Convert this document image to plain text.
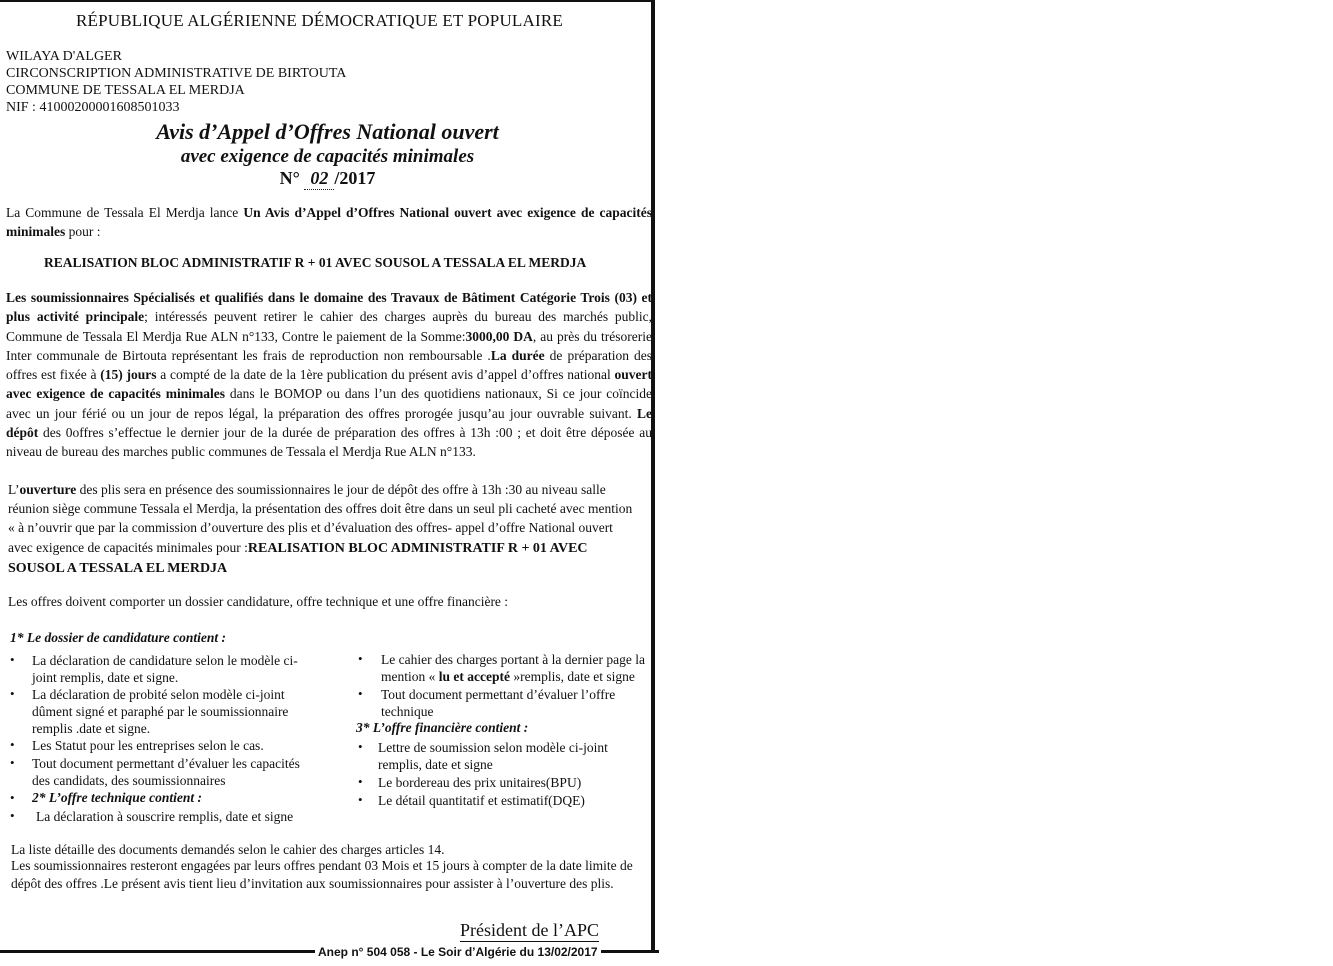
RÉPUBLIQUE ALGÉRIENNE DÉMOCRATIQUE ET POPULAIRE
WILAYA D'ALGER
CIRCONSCRIPTION ADMINISTRATIVE DE BIRTOUTA
COMMUNE DE TESSALA EL MERDJA
NIF : 41000200001608501033
Avis d’Appel d’Offres National ouvert
avec exigence de capacités minimales
N° 02 /2017
La Commune de Tessala El Merdja lance Un Avis d’Appel d’Offres National ouvert avec exigence de capacités minimales pour :
REALISATION BLOC ADMINISTRATIF R + 01 AVEC SOUSOL A TESSALA EL MERDJA
Les soumissionnaires Spécialisés et qualifiés dans le domaine des Travaux de Bâtiment Catégorie Trois (03) et plus activité principale; intéressés peuvent retirer le cahier des charges auprès du bureau des marchés public, Commune de Tessala El Merdja Rue ALN n°133, Contre le paiement de la Somme:3000,00 DA, au près du trésorerie Inter communale de Birtouta représentant les frais de reproduction non remboursable .La durée de préparation des offres est fixée à (15) jours a compté de la date de la 1ère publication du présent avis d’appel d’offres national ouvert avec exigence de capacités minimales dans le BOMOP ou dans l’un des quotidiens nationaux, Si ce jour coïncide avec un jour férié ou un jour de repos légal, la préparation des offres prorogée jusqu’au jour ouvrable suivant. Le dépôt des 0offres s’effectue le dernier jour de la durée de préparation des offres à 13h :00 ; et doit être déposée au niveau de bureau des marches public communes de Tessala el Merdja Rue ALN n°133.
L’ouverture des plis sera en présence des soumissionnaires le jour de dépôt des offre à 13h :30 au niveau salle
réunion siège commune Tessala el Merdja, la présentation des offres doit être dans un seul pli cacheté avec mention
« à n’ouvrir que par la commission d’ouverture des plis et d’évaluation des offres- appel d’offre National ouvert
avec exigence de capacités minimales pour :REALISATION BLOC ADMINISTRATIF R + 01 AVEC
SOUSOL A TESSALA EL MERDJA
Les offres doivent comporter un dossier candidature, offre technique et une offre financière :
1* Le dossier de candidature contient :
• La déclaration de candidature selon le modèle ci-
joint remplis, date et signe.
• La déclaration de probité selon modèle ci-joint
dûment signé et paraphé par le soumissionnaire
remplis .date et signe.
• Les Statut pour les entreprises selon le cas.
• Tout document permettant d’évaluer les capacités
des candidats, des soumissionnaires
• 2* L’offre technique contient :
• La déclaration à souscrire remplis, date et signe
• Le cahier des charges portant à la dernier page la
mention « lu et accepté »remplis, date et signe
• Tout document permettant d’évaluer l’offre
technique
3* L’offre financière contient :
• Lettre de soumission selon modèle ci-joint
remplis, date et signe
• Le bordereau des prix unitaires(BPU)
• Le détail quantitatif et estimatif(DQE)
La liste détaille des documents demandés selon le cahier des charges articles 14.
Les soumissionnaires resteront engagées par leurs offres pendant 03 Mois et 15 jours à compter de la date limite de
dépôt des offres .Le présent avis tient lieu d’invitation aux soumissionnaires pour assister à l’ouverture des plis.
Président de l’APC
Anep n° 504 058 - Le Soir d’Algérie du 13/02/2017
